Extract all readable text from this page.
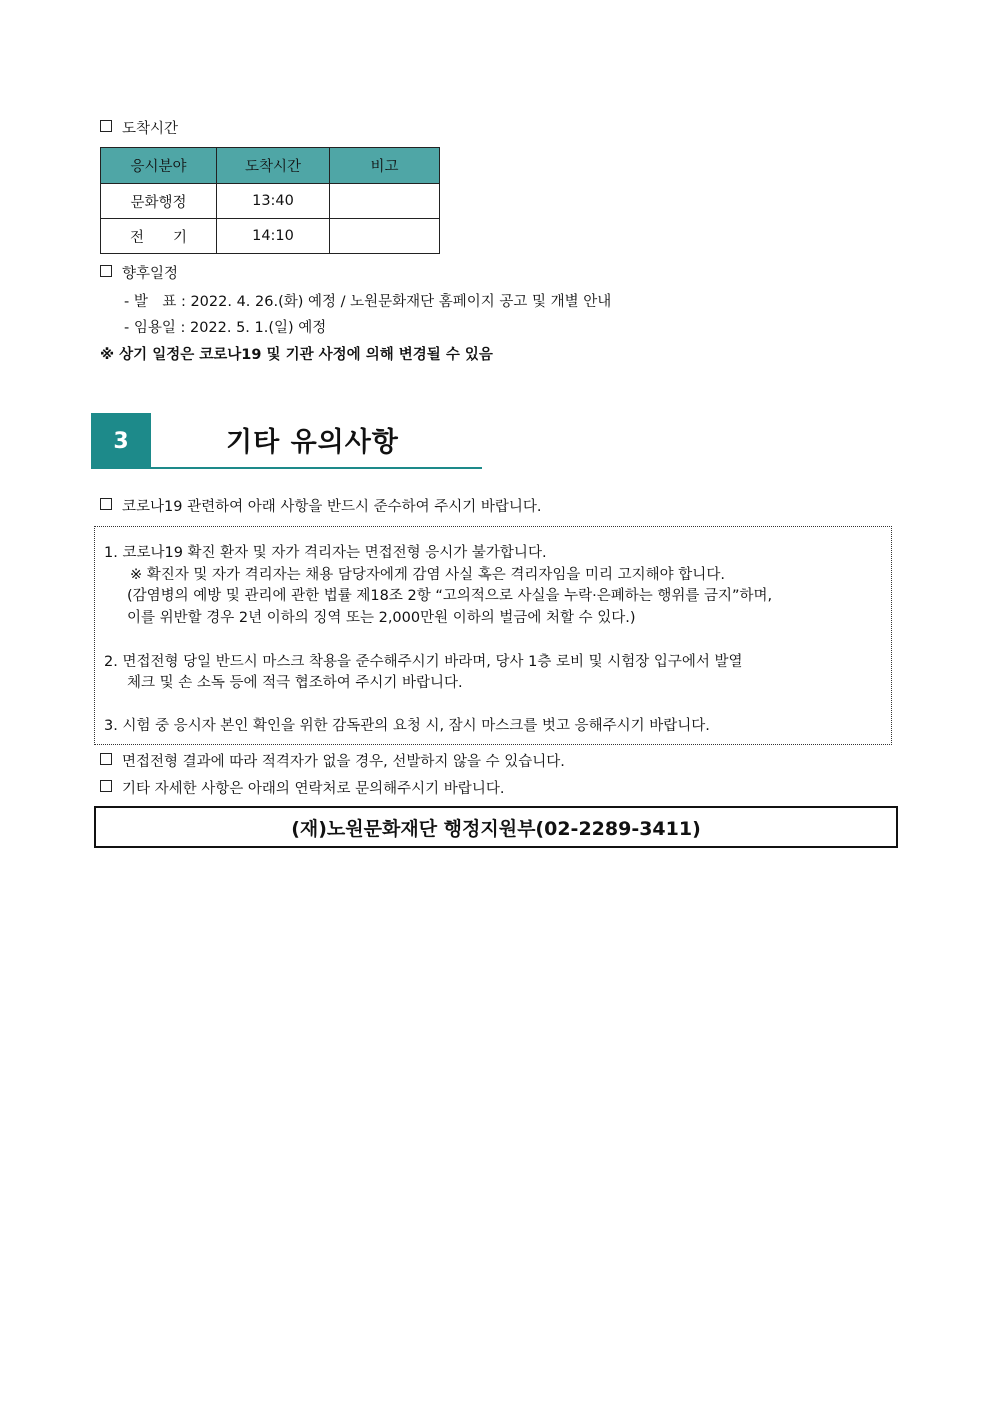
도착시간
응시분야	도착시간	비고
문화행정	13:40	
전　　기	14:10	
향후일정
- 발　표 : 2022. 4. 26.(화) 예정 / 노원문화재단 홈페이지 공고 및 개별 안내
- 임용일 : 2022. 5. 1.(일) 예정
※ 상기 일정은 코로나19 및 기관 사정에 의해 변경될 수 있음
3	기타 유의사항
코로나19 관련하여 아래 사항을 반드시 준수하여 주시기 바랍니다.
1. 코로나19 확진 환자 및 자가 격리자는 면접전형 응시가 불가합니다.
※ 확진자 및 자가 격리자는 채용 담당자에게 감염 사실 혹은 격리자임을 미리 고지해야 합니다.
(감염병의 예방 및 관리에 관한 법률 제18조 2항 “고의적으로 사실을 누락·은폐하는 행위를 금지”하며,
이를 위반할 경우 2년 이하의 징역 또는 2,000만원 이하의 벌금에 처할 수 있다.)
2. 면접전형 당일 반드시 마스크 착용을 준수해주시기 바라며, 당사 1층 로비 및 시험장 입구에서 발열
체크 및 손 소독 등에 적극 협조하여 주시기 바랍니다.
3. 시험 중 응시자 본인 확인을 위한 감독관의 요청 시, 잠시 마스크를 벗고 응해주시기 바랍니다.
면접전형 결과에 따라 적격자가 없을 경우, 선발하지 않을 수 있습니다.
기타 자세한 사항은 아래의 연락처로 문의해주시기 바랍니다.
(재)노원문화재단 행정지원부(02-2289-3411)
